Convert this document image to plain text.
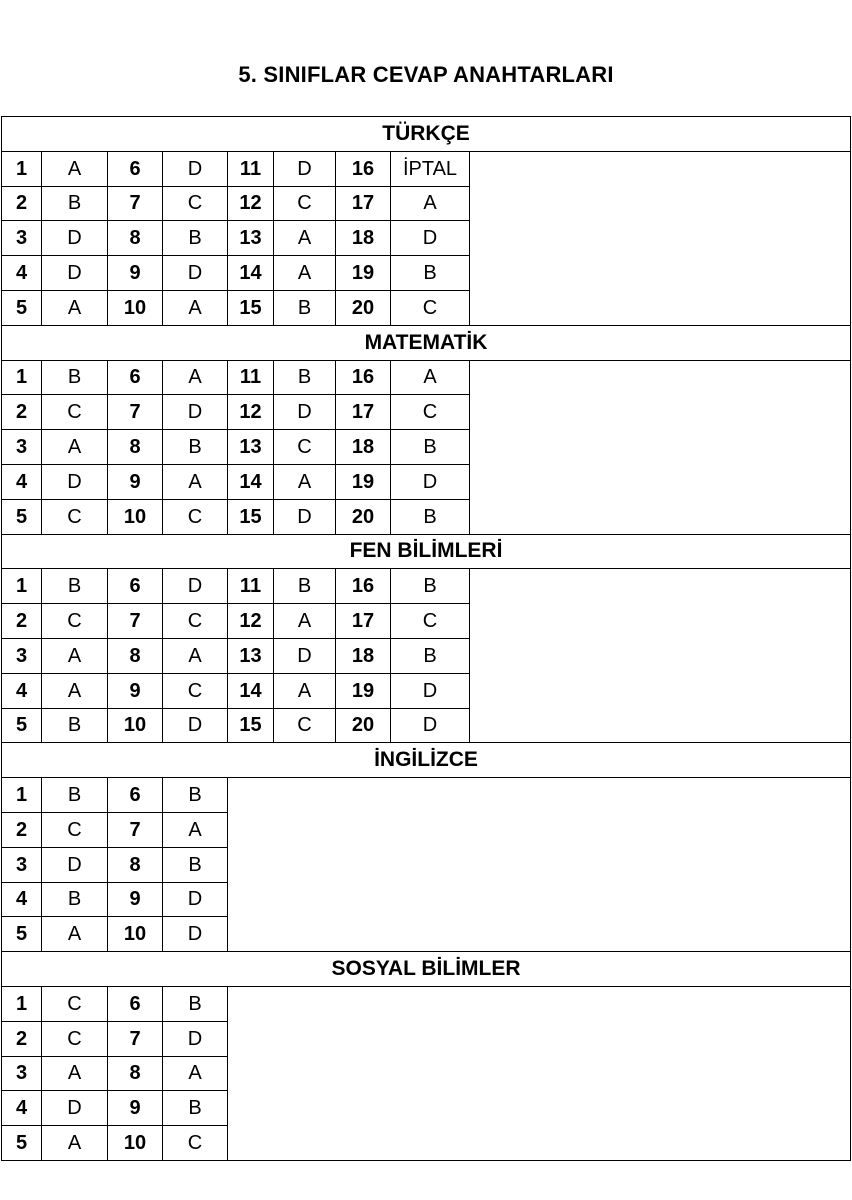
5. SINIFLAR CEVAP ANAHTARLARI
TÜRKÇE								
1	A	6	D	11	D	16	İPTAL	
2	B	7	C	12	C	17	A	
3	D	8	B	13	A	18	D	
4	D	9	D	14	A	19	B	
5	A	10	A	15	B	20	C	
MATEMATİK								
1	B	6	A	11	B	16	A	
2	C	7	D	12	D	17	C	
3	A	8	B	13	C	18	B	
4	D	9	A	14	A	19	D	
5	C	10	C	15	D	20	B	
FEN BİLİMLERİ								
1	B	6	D	11	B	16	B	
2	C	7	C	12	A	17	C	
3	A	8	A	13	D	18	B	
4	A	9	C	14	A	19	D	
5	B	10	D	15	C	20	D	
İNGİLİZCE								
1	B	6	B					
2	C	7	A					
3	D	8	B					
4	B	9	D					
5	A	10	D					
SOSYAL BİLİMLER								
1	C	6	B					
2	C	7	D					
3	A	8	A					
4	D	9	B					
5	A	10	C					
